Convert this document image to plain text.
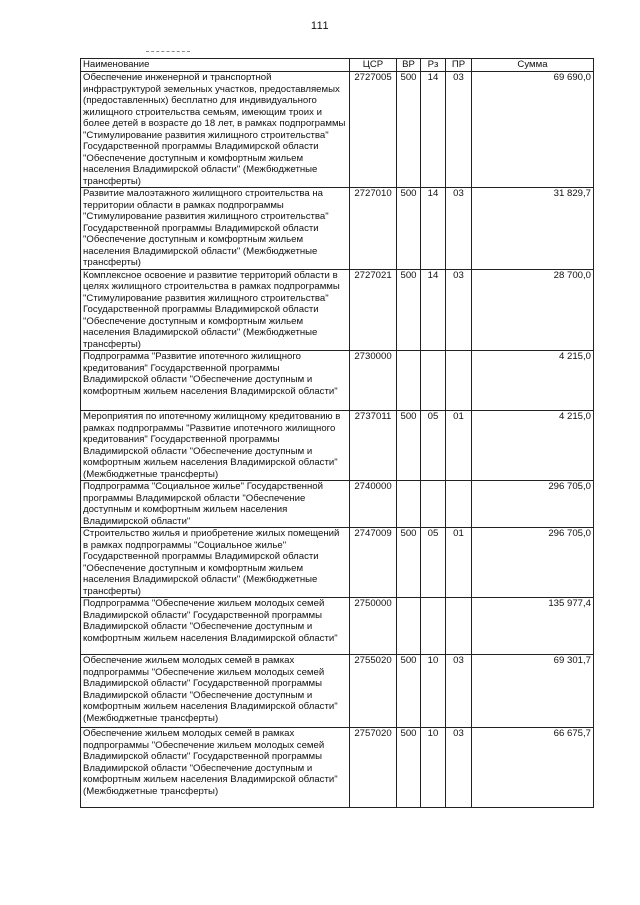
111
Наименование	ЦСР	ВР	Рз	ПР	Сумма
Обеспечение инженерной и транспортной инфраструктурой земельных участков, предоставляемых (предоставленных) бесплатно для индивидуального жилищного строительства семьям, имеющим троих и более детей в возрасте до 18 лет, в рамках подпрограммы "Стимулирование развития жилищного строительства" Государственной программы Владимирской области "Обеспечение доступным и комфортным жильем населения Владимирской области" (Межбюджетные трансферты)	2727005	500	14	03	69 690,0
Развитие малоэтажного жилищного строительства на территории области в рамках подпрограммы "Стимулирование развития жилищного строительства" Государственной программы Владимирской области "Обеспечение доступным и комфортным жильем населения Владимирской области" (Межбюджетные трансферты)	2727010	500	14	03	31 829,7
Комплексное освоение и развитие территорий области в целях жилищного строительства в рамках подпрограммы "Стимулирование развития жилищного строительства" Государственной программы Владимирской области "Обеспечение доступным и комфортным жильем населения Владимирской области" (Межбюджетные трансферты)	2727021	500	14	03	28 700,0
Подпрограмма "Развитие ипотечного жилищного кредитования" Государственной программы Владимирской области "Обеспечение доступным и комфортным жильем населения Владимирской области"	2730000				4 215,0
Мероприятия по ипотечному жилищному кредитованию в рамках подпрограммы "Развитие ипотечного жилищного кредитования" Государственной программы Владимирской области "Обеспечение доступным и комфортным жильем населения Владимирской области" (Межбюджетные трансферты)	2737011	500	05	01	4 215,0
Подпрограмма "Социальное жилье" Государственной программы Владимирской области "Обеспечение доступным и комфортным жильем населения Владимирской области"	2740000				296 705,0
Строительство жилья и приобретение жилых помещений в рамках подпрограммы "Социальное жилье" Государственной программы Владимирской области "Обеспечение доступным и комфортным жильем населения Владимирской области" (Межбюджетные трансферты)	2747009	500	05	01	296 705,0
Подпрограмма "Обеспечение жильем молодых семей Владимирской области" Государственной программы Владимирской области "Обеспечение доступным и комфортным жильем населения Владимирской области"	2750000				135 977,4
Обеспечение жильем молодых семей в рамках подпрограммы "Обеспечение жильем молодых семей Владимирской области" Государственной программы Владимирской области "Обеспечение доступным и комфортным жильем населения Владимирской области" (Межбюджетные трансферты)	2755020	500	10	03	69 301,7
Обеспечение жильем молодых семей в рамках подпрограммы "Обеспечение жильем молодых семей Владимирской области" Государственной программы Владимирской области "Обеспечение доступным и комфортным жильем населения Владимирской области" (Межбюджетные трансферты)	2757020	500	10	03	66 675,7
